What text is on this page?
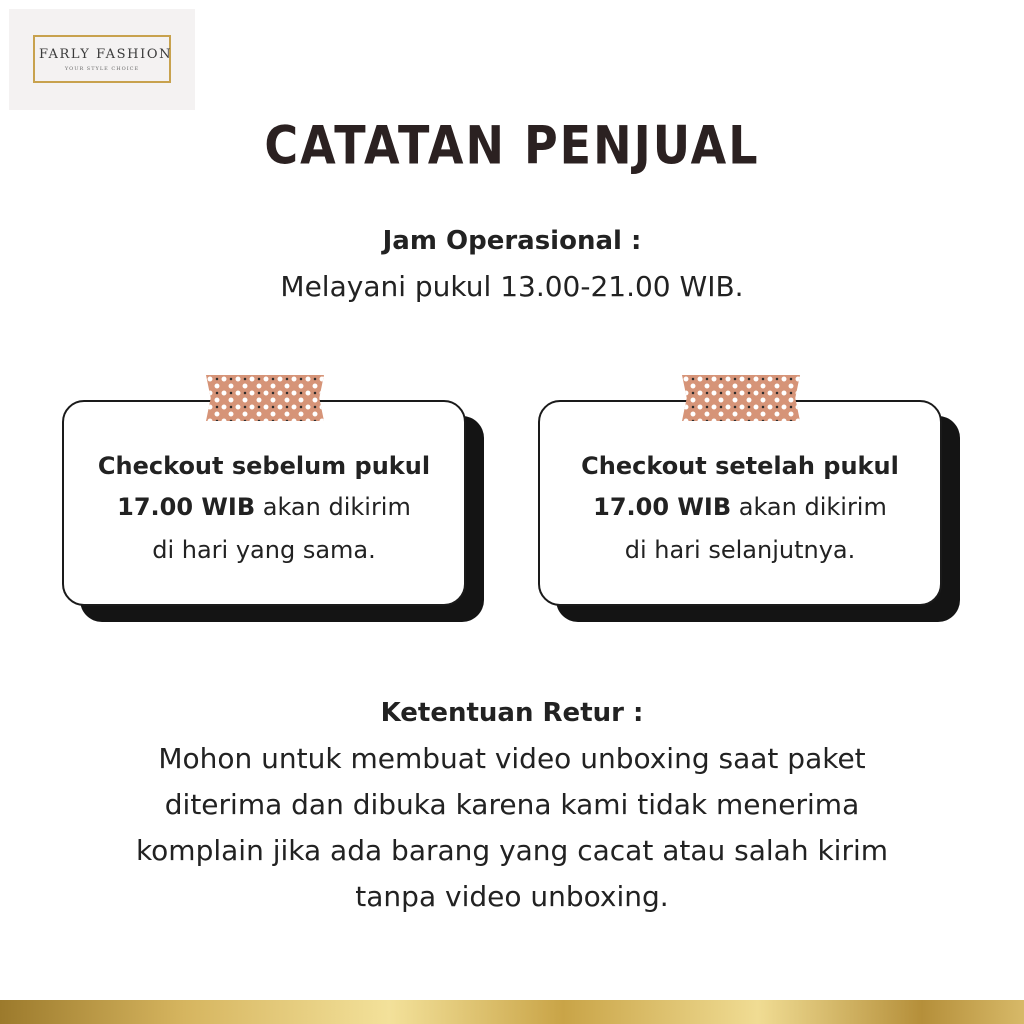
FARLY FASHION
YOUR STYLE CHOICE
CATATAN PENJUAL
Jam Operasional :
Melayani pukul 13.00-21.00 WIB.
Checkout sebelum pukul
17.00 WIB akan dikirim
di hari yang sama.
Checkout setelah pukul
17.00 WIB akan dikirim
di hari selanjutnya.
Ketentuan Retur :
Mohon untuk membuat video unboxing saat paket
diterima dan dibuka karena kami tidak menerima
komplain jika ada barang yang cacat atau salah kirim
tanpa video unboxing.
